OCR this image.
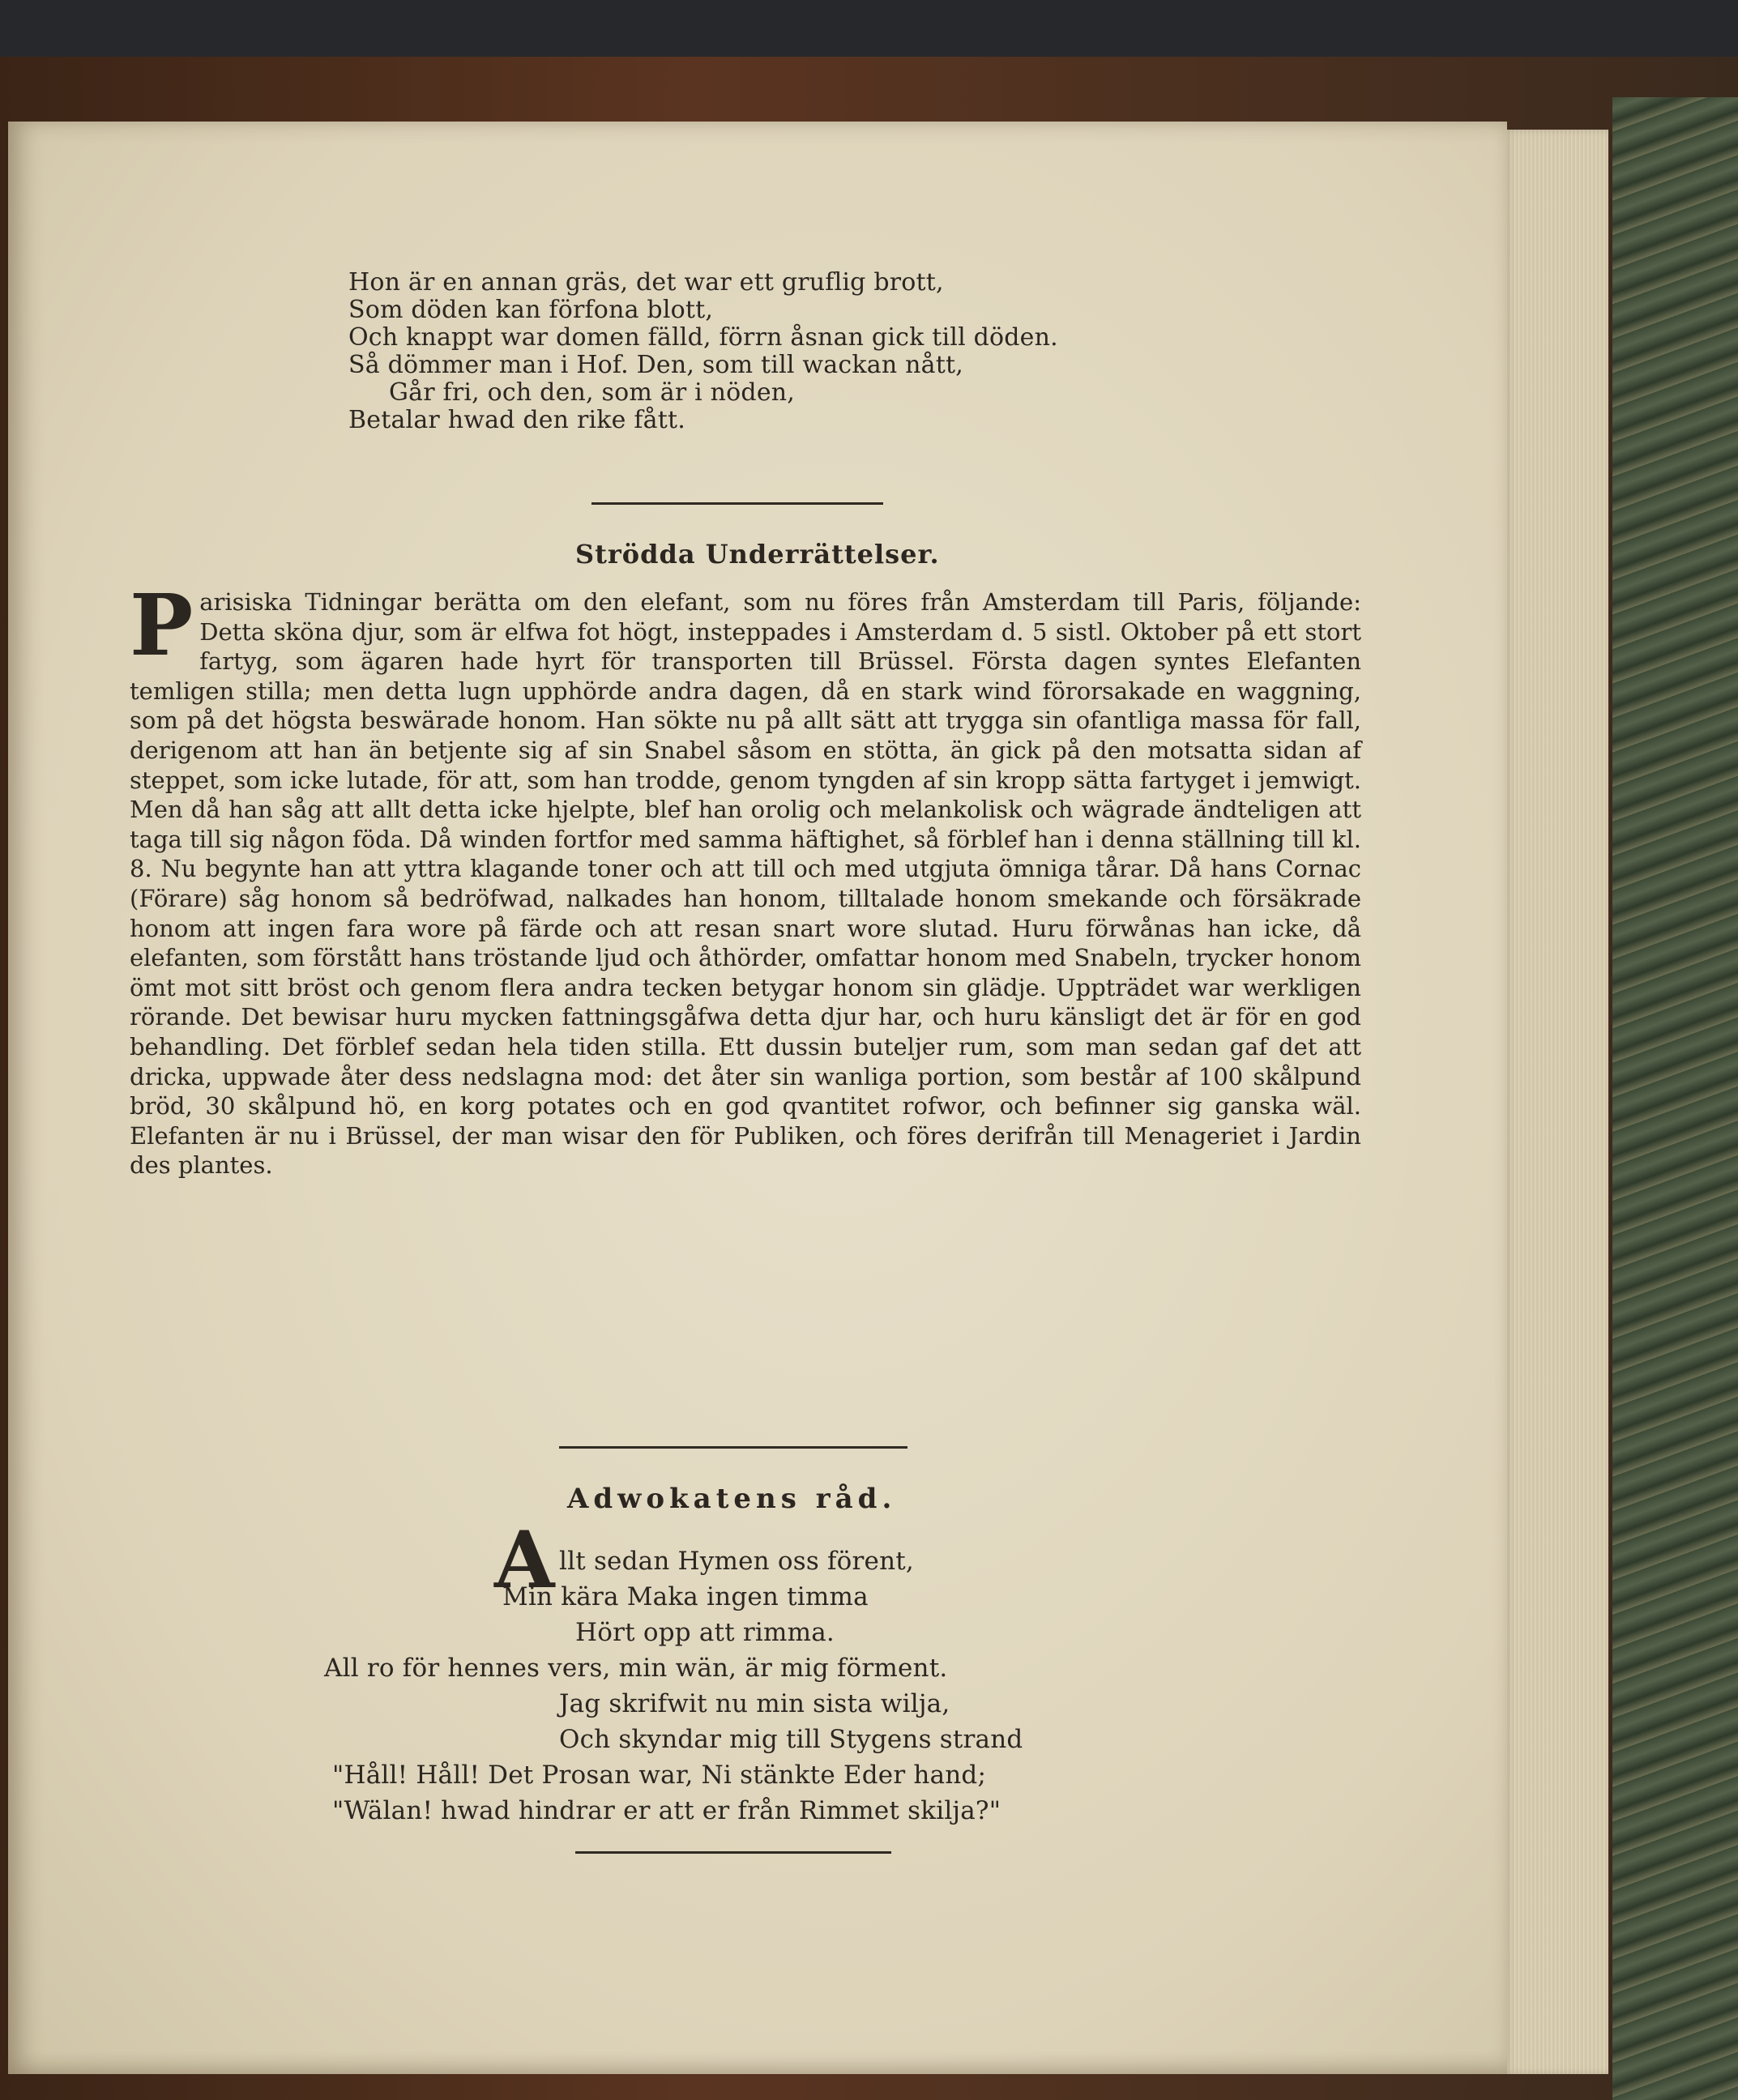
Hon är en annan gräs, det war ett gruflig brott,
Som döden kan förfona blott,
Och knappt war domen fälld, förrn åsnan gick till döden.
Så dömmer man i Hof. Den, som till wackan nått,
Går fri, och den, som är i nöden,
Betalar hwad den rike fått.
Strödda Underrättelser.

Parisiska Tidningar berätta om den elefant, som nu föres från Amsterdam till Paris, följande: Detta sköna djur, som är elfwa fot högt, insteppades i Amsterdam d. 5 sistl. Oktober på ett stort fartyg, som ägaren hade hyrt för transporten till Brüssel. Första dagen syntes Elefanten temligen stilla; men detta lugn upphörde andra dagen, då en stark wind förorsakade en waggning, som på det högsta beswärade honom. Han sökte nu på allt sätt att trygga sin ofantliga massa för fall, derigenom att han än betjente sig af sin Snabel såsom en stötta, än gick på den motsatta sidan af steppet, som icke lutade, för att, som han trodde, genom tyngden af sin kropp sätta fartyget i jemwigt. Men då han såg att allt detta icke hjelpte, blef han orolig och melankolisk och wägrade ändteligen att taga till sig någon föda. Då winden fortfor med samma häftighet, så förblef han i denna ställning till kl. 8. Nu begynte han att yttra klagande toner och att till och med utgjuta ömniga tårar. Då hans Cornac (Förare) såg honom så bedröfwad, nalkades han honom, tilltalade honom smekande och försäkrade honom att ingen fara wore på färde och att resan snart wore slutad. Huru förwånas han icke, då elefanten, som förstått hans tröstande ljud och åthörder, omfattar honom med Snabeln, trycker honom ömt mot sitt bröst och genom flera andra tecken betygar honom sin glädje. Uppträdet war werkligen rörande. Det bewisar huru mycken fattningsgåfwa detta djur har, och huru känsligt det är för en god behandling. Det förblef sedan hela tiden stilla. Ett dussin buteljer rum, som man sedan gaf det att dricka, uppwade åter dess nedslagna mod: det åter sin wanliga portion, som består af 100 skålpund bröd, 30 skålpund hö, en korg potates och en god qvantitet rofwor, och befinner sig ganska wäl. Elefanten är nu i Brüssel, der man wisar den för Publiken, och föres derifrån till Menageriet i Jardin des plantes.

Adwokatens råd.
A llt sedan Hymen oss förent,
Min kära Maka ingen timma
Hört opp att rimma.
All ro för hennes vers, min wän, är mig förment.
Jag skrifwit nu min sista wilja,
Och skyndar mig till Stygens strand
"Håll! Håll! Det Prosan war, Ni stänkte Eder hand;
"Wälan! hwad hindrar er att er från Rimmet skilja?"
